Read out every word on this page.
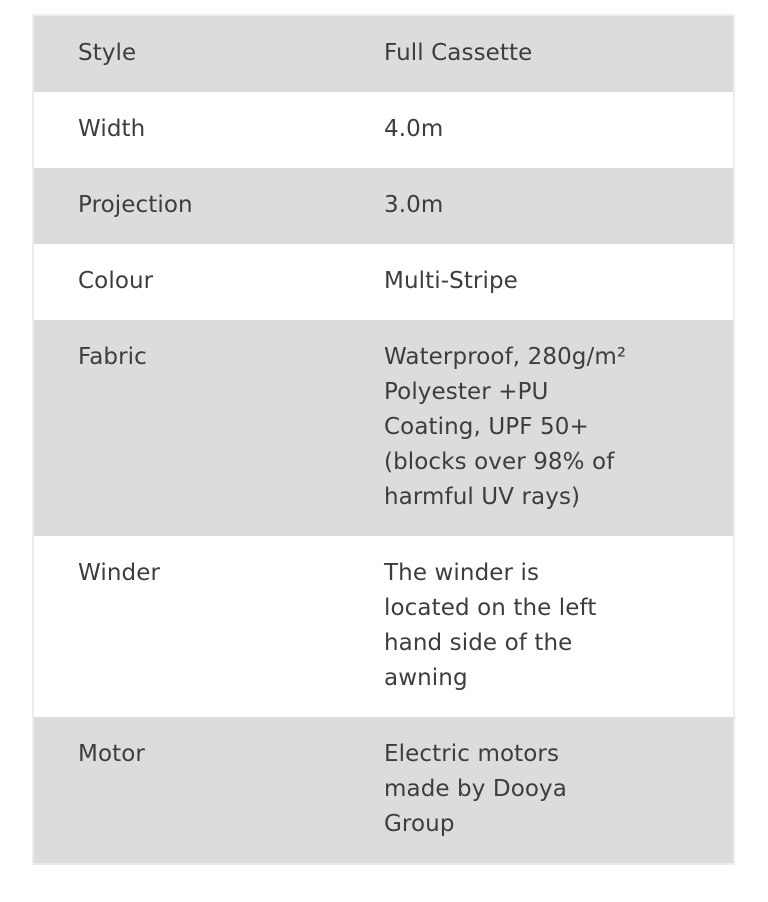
Style	Full Cassette
Width	4.0m
Projection	3.0m
Colour	Multi-Stripe
Fabric	Waterproof, 280g/m²
Polyester +PU
Coating, UPF 50+
(blocks over 98% of
harmful UV rays)
Winder	The winder is
located on the left
hand side of the
awning
Motor	Electric motors
made by Dooya
Group
